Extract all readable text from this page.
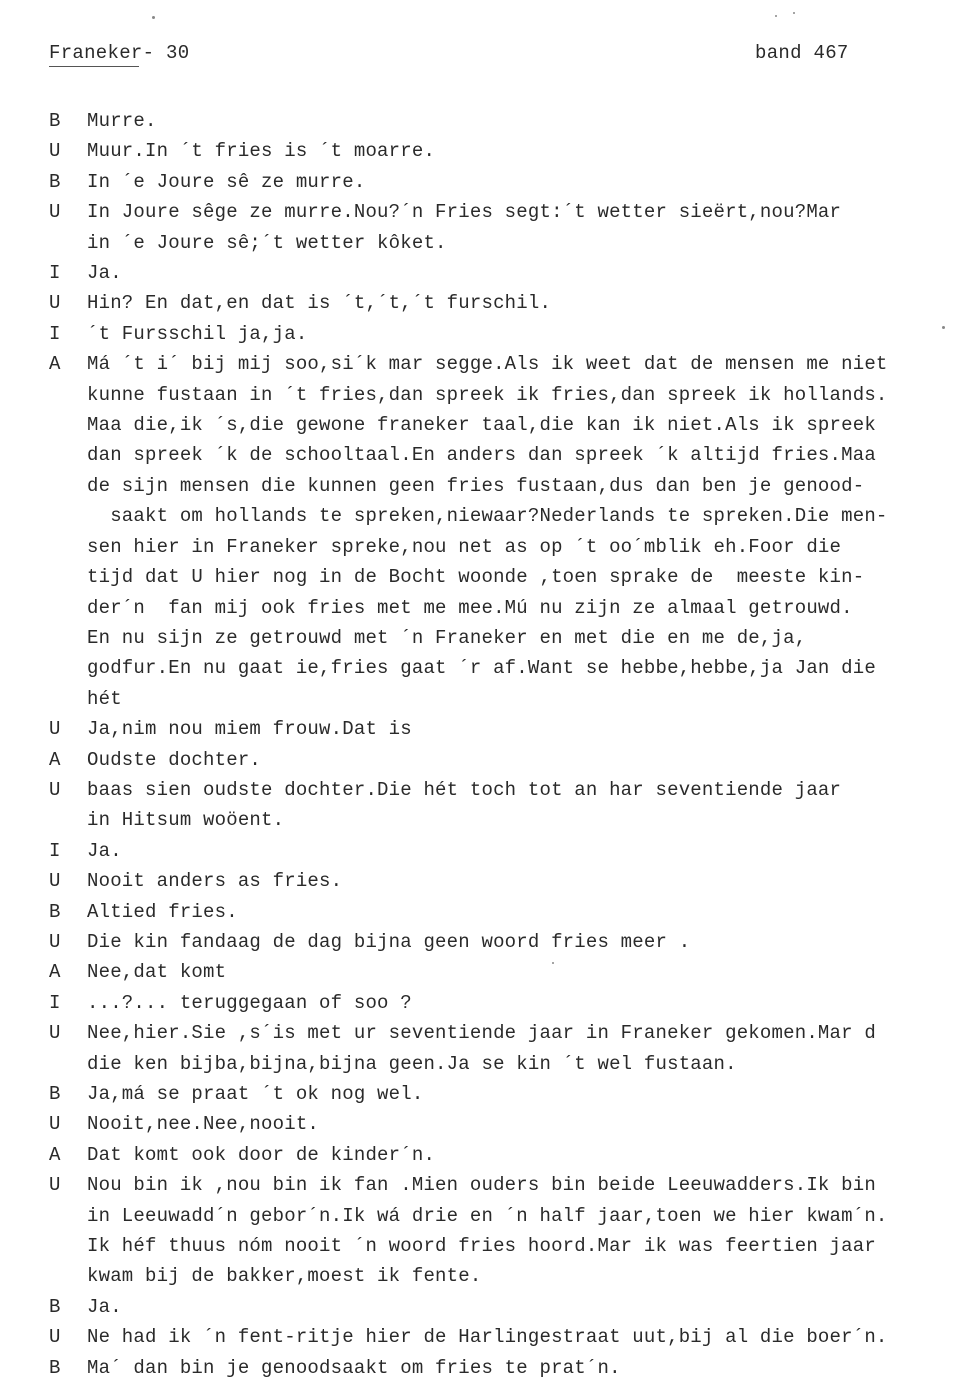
Franeker- 30	band 467
B	Murre.
U	Muur.In ´t fries is ´t moarre.
B	In ´e Joure sê ze murre.
U	In Joure sêge ze murre.Nou?´n Fries segt:´t wetter sieërt,nou?Mar
in ´e Joure sê;´t wetter kôket.
I	Ja.
U	Hin? En dat,en dat is ´t,´t,´t furschil.
I	´t Fursschil ja,ja.
A	Má ´t i´ bij mij soo,si´k mar segge.Als ik weet dat de mensen me niet
kunne fustaan in ´t fries,dan spreek ik fries,dan spreek ik hollands.
Maa die,ik ´s,die gewone franeker taal,die kan ik niet.Als ik spreek
dan spreek ´k de schooltaal.En anders dan spreek ´k altijd fries.Maa
de sijn mensen die kunnen geen fries fustaan,dus dan ben je genood-
saakt om hollands te spreken,niewaar?Nederlands te spreken.Die men-
sen hier in Franeker spreke,nou net as op ´t oo´mblik eh.Foor die
tijd dat U hier nog in de Bocht woonde ,toen sprake de  meeste kin-
der´n  fan mij ook fries met me mee.Mú nu zijn ze almaal getrouwd.
En nu sijn ze getrouwd met ´n Franeker en met die en me de,ja,
godfur.En nu gaat ie,fries gaat ´r af.Want se hebbe,hebbe,ja Jan die
hét
U	Ja,nim nou miem frouw.Dat is
A	Oudste dochter.
U	baas sien oudste dochter.Die hét toch tot an har seventiende jaar
in Hitsum woöent.
I	Ja.
U	Nooit anders as fries.
B	Altied fries.
U	Die kin fandaag de dag bijna geen woord fries meer .
A	Nee,dat komt
I	...?... teruggegaan of soo ?
U	Nee,hier.Sie ,s´is met ur seventiende jaar in Franeker gekomen.Mar d
die ken bijba,bijna,bijna geen.Ja se kin ´t wel fustaan.
B	Ja,má se praat ´t ok nog wel.
U	Nooit,nee.Nee,nooit.
A	Dat komt ook door de kinder´n.
U	Nou bin ik ,nou bin ik fan .Mien ouders bin beide Leeuwadders.Ik bin
in Leeuwadd´n gebor´n.Ik wá drie en ´n half jaar,toen we hier kwam´n.
Ik héf thuus nóm nooit ´n woord fries hoord.Mar ik was feertien jaar
kwam bij de bakker,moest ik fente.
B	Ja.
U	Ne had ik ´n fent-ritje hier de Harlingestraat uut,bij al die boer´n.
B	Ma´ dan bin je genoodsaakt om fries te prat´n.
